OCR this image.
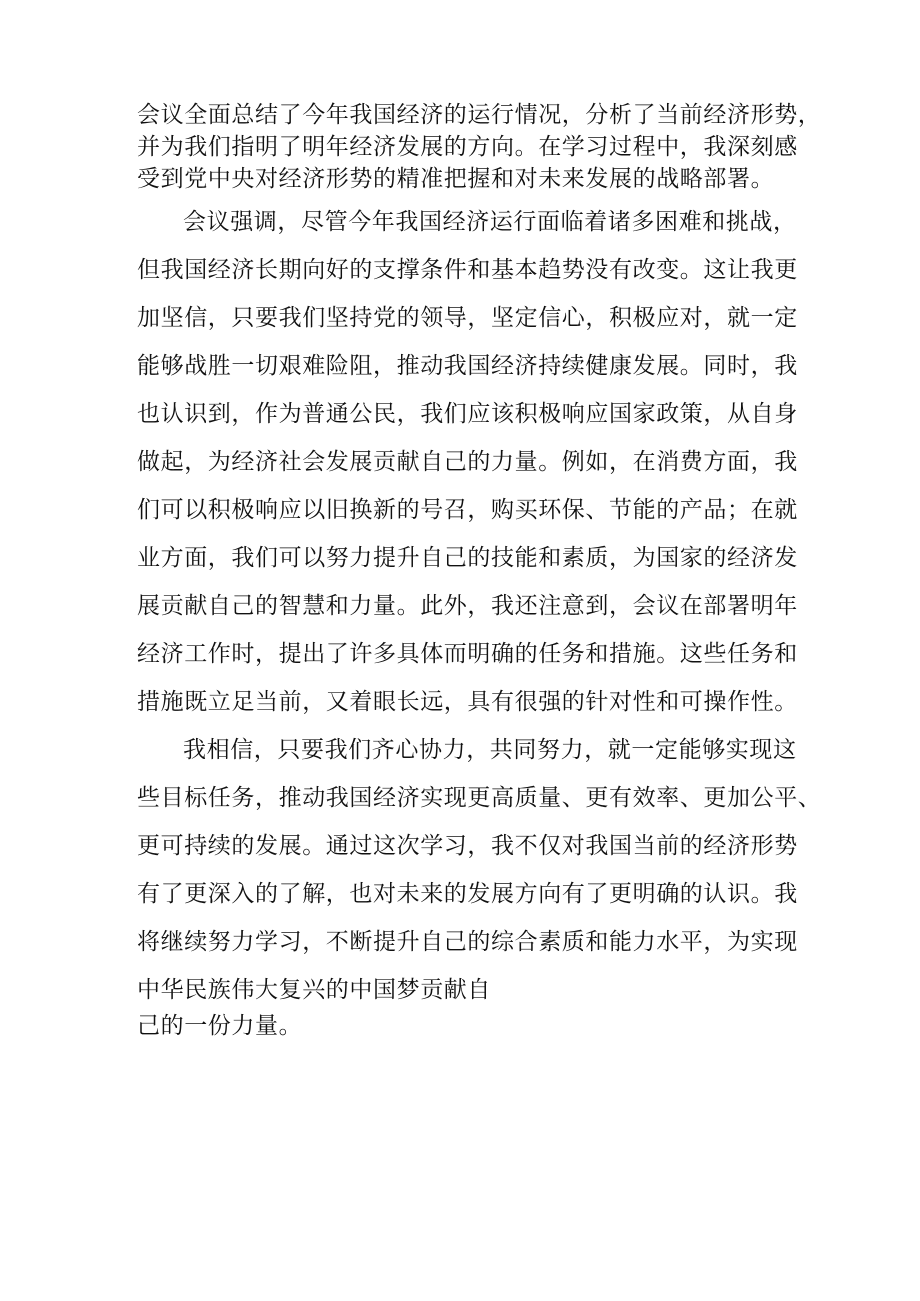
会议全面总结了今年我国经济的运行情况，分析了当前经济形势，

并为我们指明了明年经济发展的方向。在学习过程中，我深刻感

受到党中央对经济形势的精准把握和对未来发展的战略部署。

会议强调，尽管今年我国经济运行面临着诸多困难和挑战，

但我国经济长期向好的支撑条件和基本趋势没有改变。这让我更

加坚信，只要我们坚持党的领导，坚定信心，积极应对，就一定

能够战胜一切艰难险阻，推动我国经济持续健康发展。同时，我

也认识到，作为普通公民，我们应该积极响应国家政策，从自身

做起，为经济社会发展贡献自己的力量。例如，在消费方面，我

们可以积极响应以旧换新的号召，购买环保、节能的产品；在就

业方面，我们可以努力提升自己的技能和素质，为国家的经济发

展贡献自己的智慧和力量。此外，我还注意到，会议在部署明年

经济工作时，提出了许多具体而明确的任务和措施。这些任务和

措施既立足当前，又着眼长远，具有很强的针对性和可操作性。

我相信，只要我们齐心协力，共同努力，就一定能够实现这

些目标任务，推动我国经济实现更高质量、更有效率、更加公平、

更可持续的发展。通过这次学习，我不仅对我国当前的经济形势

有了更深入的了解，也对未来的发展方向有了更明确的认识。我

将继续努力学习，不断提升自己的综合素质和能力水平，为实现

中华民族伟大复兴的中国梦贡献自

己的一份力量。
